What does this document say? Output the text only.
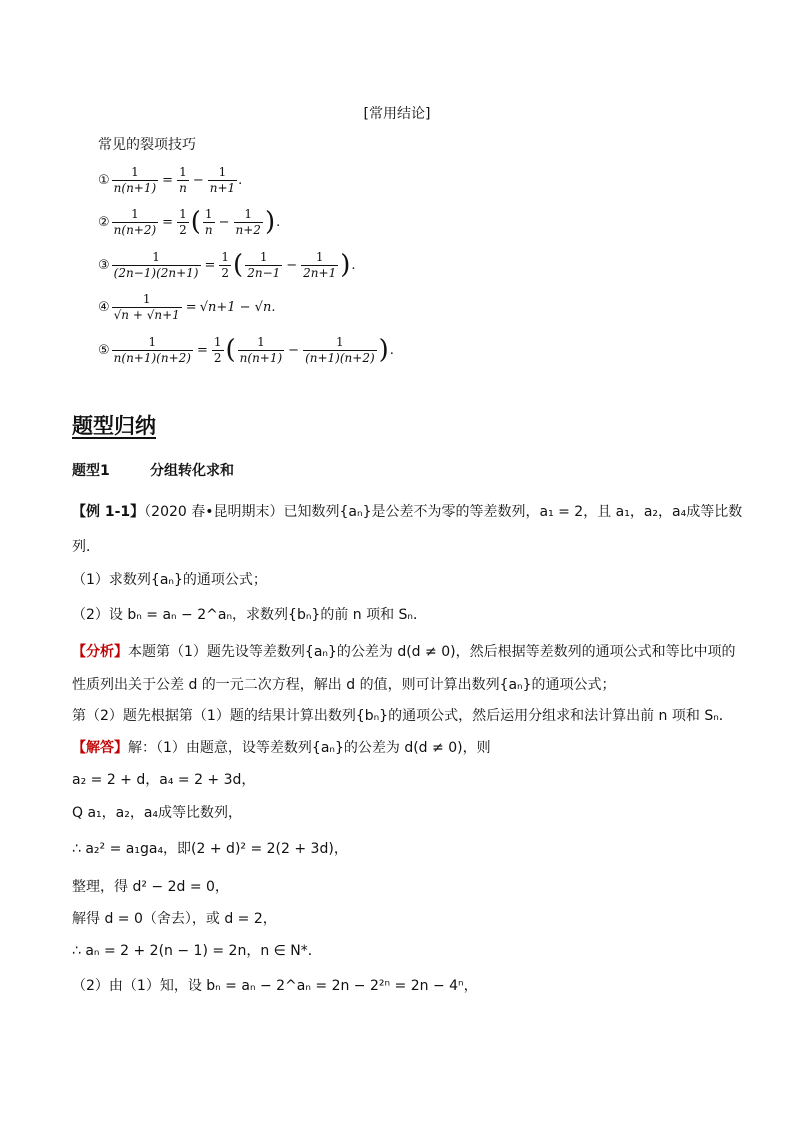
[常用结论]
常见的裂项技巧
① $\frac{1}{n(n+1)} = \frac{1}{n} - \frac{1}{n+1}$ .
② $\frac{1}{n(n+2)} = \frac{1}{2}$ ( $\frac{1}{n} - \frac{1}{n+2}$ ) .
③ $\frac{1}{(2n-1)(2n+1)} = \frac{1}{2}$ ( $\frac{1}{2n-1} - \frac{1}{2n+1}$ ) .
④ $\frac{1}{√n + √n+1} = √n+1 - √n$.
⑤ $\frac{1}{n(n+1)(n+2)} = \frac{1}{2}$ ( $\frac{1}{n(n+1)} - \frac{1}{(n+1)(n+2)}$ ) .
题型归纳
题型1	分组转化求和
【例 1-1】（2020 春•昆明期末）已知数列{aₙ}是公差不为零的等差数列，a₁ = 2，且 a₁，a₂，a₄成等比数
列．
（1）求数列{aₙ}的通项公式；
（2）设 bₙ = aₙ − 2^aₙ，求数列{bₙ}的前 n 项和 Sₙ．
【分析】本题第（1）题先设等差数列{aₙ}的公差为 d(d ≠ 0)，然后根据等差数列的通项公式和等比中项的
性质列出关于公差 d 的一元二次方程，解出 d 的值，则可计算出数列{aₙ}的通项公式；
第（2）题先根据第（1）题的结果计算出数列{bₙ}的通项公式，然后运用分组求和法计算出前 n 项和 Sₙ．
【解答】解：（1）由题意，设等差数列{aₙ}的公差为 d(d ≠ 0)，则
a₂ = 2 + d，a₄ = 2 + 3d，
Q a₁，a₂，a₄成等比数列，
∴ a₂² = a₁ga₄，即(2 + d)² = 2(2 + 3d)，
整理，得 d² − 2d = 0，
解得 d = 0（舍去），或 d = 2，
∴ aₙ = 2 + 2(n − 1) = 2n，n ∈ N*．
（2）由（1）知，设 bₙ = aₙ − 2^aₙ = 2n − 2²ⁿ = 2n − 4ⁿ，
